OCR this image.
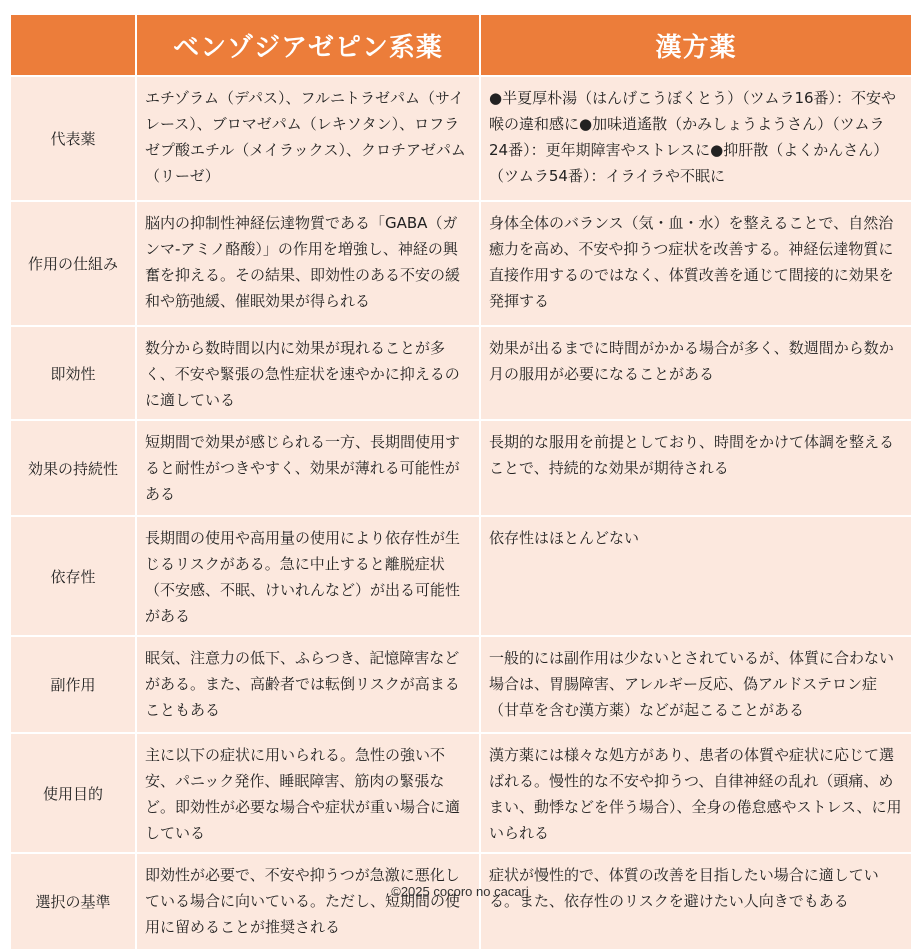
	ベンゾジアゼピン系薬	漢方薬
代表薬	エチゾラム（デパス）、フルニトラゼパム（サイレース）、ブロマゼパム（レキソタン）、ロフラゼプ酸エチル（メイラックス）、クロチアゼパム（リーゼ）	●半夏厚朴湯（はんげこうぼくとう）（ツムラ16番）：不安や喉の違和感に●加味逍遙散（かみしょうようさん）（ツムラ24番）：更年期障害やストレスに●抑肝散（よくかんさん）（ツムラ54番）：イライラや不眠に
作用の仕組み	脳内の抑制性神経伝達物質である「GABA（ガンマ-アミノ酪酸）」の作用を増強し、神経の興奮を抑える。その結果、即効性のある不安の緩和や筋弛緩、催眠効果が得られる	身体全体のバランス（気・血・水）を整えることで、自然治癒力を高め、不安や抑うつ症状を改善する。神経伝達物質に直接作用するのではなく、体質改善を通じて間接的に効果を発揮する
即効性	数分から数時間以内に効果が現れることが多く、不安や緊張の急性症状を速やかに抑えるのに適している	効果が出るまでに時間がかかる場合が多く、数週間から数か月の服用が必要になることがある
効果の持続性	短期間で効果が感じられる一方、長期間使用すると耐性がつきやすく、効果が薄れる可能性がある	長期的な服用を前提としており、時間をかけて体調を整えることで、持続的な効果が期待される
依存性	長期間の使用や高用量の使用により依存性が生じるリスクがある。急に中止すると離脱症状（不安感、不眠、けいれんなど）が出る可能性がある	依存性はほとんどない
副作用	眠気、注意力の低下、ふらつき、記憶障害などがある。また、高齢者では転倒リスクが高まることもある	一般的には副作用は少ないとされているが、体質に合わない場合は、胃腸障害、アレルギー反応、偽アルドステロン症（甘草を含む漢方薬）などが起こることがある
使用目的	主に以下の症状に用いられる。急性の強い不安、パニック発作、睡眠障害、筋肉の緊張など。即効性が必要な場合や症状が重い場合に適している	漢方薬には様々な処方があり、患者の体質や症状に応じて選ばれる。慢性的な不安や抑うつ、自律神経の乱れ（頭痛、めまい、動悸などを伴う場合）、全身の倦怠感やストレス、に用いられる
選択の基準	即効性が必要で、不安や抑うつが急激に悪化している場合に向いている。ただし、短期間の使用に留めることが推奨される	症状が慢性的で、体質の改善を目指したい場合に適している。また、依存性のリスクを避けたい人向きでもある
©2025 cocoro no cacari
